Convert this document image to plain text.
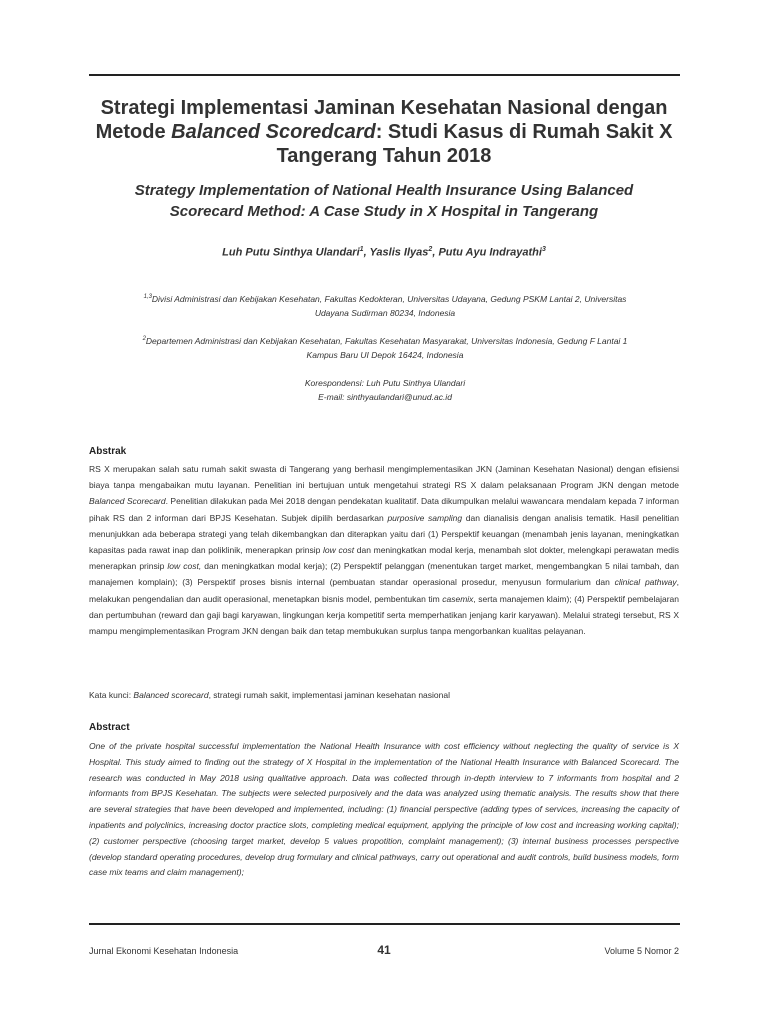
Strategi Implementasi Jaminan Kesehatan Nasional dengan
Metode Balanced Scoredcard: Studi Kasus di Rumah Sakit X
Tangerang Tahun 2018
Strategy Implementation of National Health Insurance Using Balanced
Scorecard Method: A Case Study in X Hospital in Tangerang
Luh Putu Sinthya Ulandari$^1$, Yaslis Ilyas$^2$, Putu Ayu Indrayathi$^3$
$^{1,3}$Divisi Administrasi dan Kebijakan Kesehatan, Fakultas Kedokteran, Universitas Udayana, Gedung PSKM Lantai 2, Universitas
Udayana Sudirman 80234, Indonesia
$^2$Departemen Administrasi dan Kebijakan Kesehatan, Fakultas Kesehatan Masyarakat, Universitas Indonesia, Gedung F Lantai 1
Kampus Baru UI Depok 16424, Indonesia
Korespondensi: Luh Putu Sinthya Ulandari
E-mail: sinthyaulandari@unud.ac.id
Abstrak
RS X merupakan salah satu rumah sakit swasta di Tangerang yang berhasil mengimplementasikan JKN (Jaminan Kesehatan Nasional) dengan efisiensi biaya tanpa mengabaikan mutu layanan. Penelitian ini bertujuan untuk mengetahui strategi RS X dalam pelaksanaan Program JKN dengan metode Balanced Scorecard. Penelitian dilakukan pada Mei 2018 dengan pendekatan kualitatif. Data dikumpulkan melalui wawancara mendalam kepada 7 informan pihak RS dan 2 informan dari BPJS Kesehatan. Subjek dipilih berdasarkan purposive sampling dan dianalisis dengan analisis tematik. Hasil penelitian menunjukkan ada beberapa strategi yang telah dikembangkan dan diterapkan yaitu dari (1) Perspektif keuangan (menambah jenis layanan, meningkatkan kapasitas pada rawat inap dan poliklinik, menerapkan prinsip low cost dan meningkatkan modal kerja, menambah slot dokter, melengkapi perawatan medis menerapkan prinsip low cost, dan meningkatkan modal kerja); (2) Perspektif pelanggan (menentukan target market, mengembangkan 5 nilai tambah, dan manajemen komplain); (3) Perspektif proses bisnis internal (pembuatan standar operasional prosedur, menyusun formularium dan clinical pathway, melakukan pengendalian dan audit operasional, menetapkan bisnis model, pembentukan tim casemix, serta manajemen klaim); (4) Perspektif pembelajaran dan pertumbuhan (reward dan gaji bagi karyawan, lingkungan kerja kompetitif serta memperhatikan jenjang karir karyawan). Melalui strategi tersebut, RS X mampu mengimplementasikan Program JKN dengan baik dan tetap membukukan surplus tanpa mengorbankan kualitas pelayanan.
Kata kunci: Balanced scorecard, strategi rumah sakit, implementasi jaminan kesehatan nasional
Abstract
One of the private hospital successful implementation the National Health Insurance with cost efficiency without neglecting the quality of service is X Hospital. This study aimed to finding out the strategy of X Hospital in the implementation of the National Health Insurance with Balanced Scorecard. The research was conducted in May 2018 using qualitative approach. Data was collected through in-depth interview to 7 informants from hospital and 2 informants from BPJS Kesehatan. The subjects were selected purposively and the data was analyzed using thematic analysis. The results show that there are several strategies that have been developed and implemented, including: (1) financial perspective (adding types of services, increasing the capacity of inpatients and polyclinics, increasing doctor practice slots, completing medical equipment, applying the principle of low cost and increasing working capital); (2) customer perspective (choosing target market, develop 5 values propotition, complaint management); (3) internal business processes perspective (develop standard operating procedures, develop drug formulary and clinical pathways, carry out operational and audit controls, build business models, form case mix teams and claim management);
Jurnal Ekonomi Kesehatan Indonesia	41	Volume 5 Nomor 2
